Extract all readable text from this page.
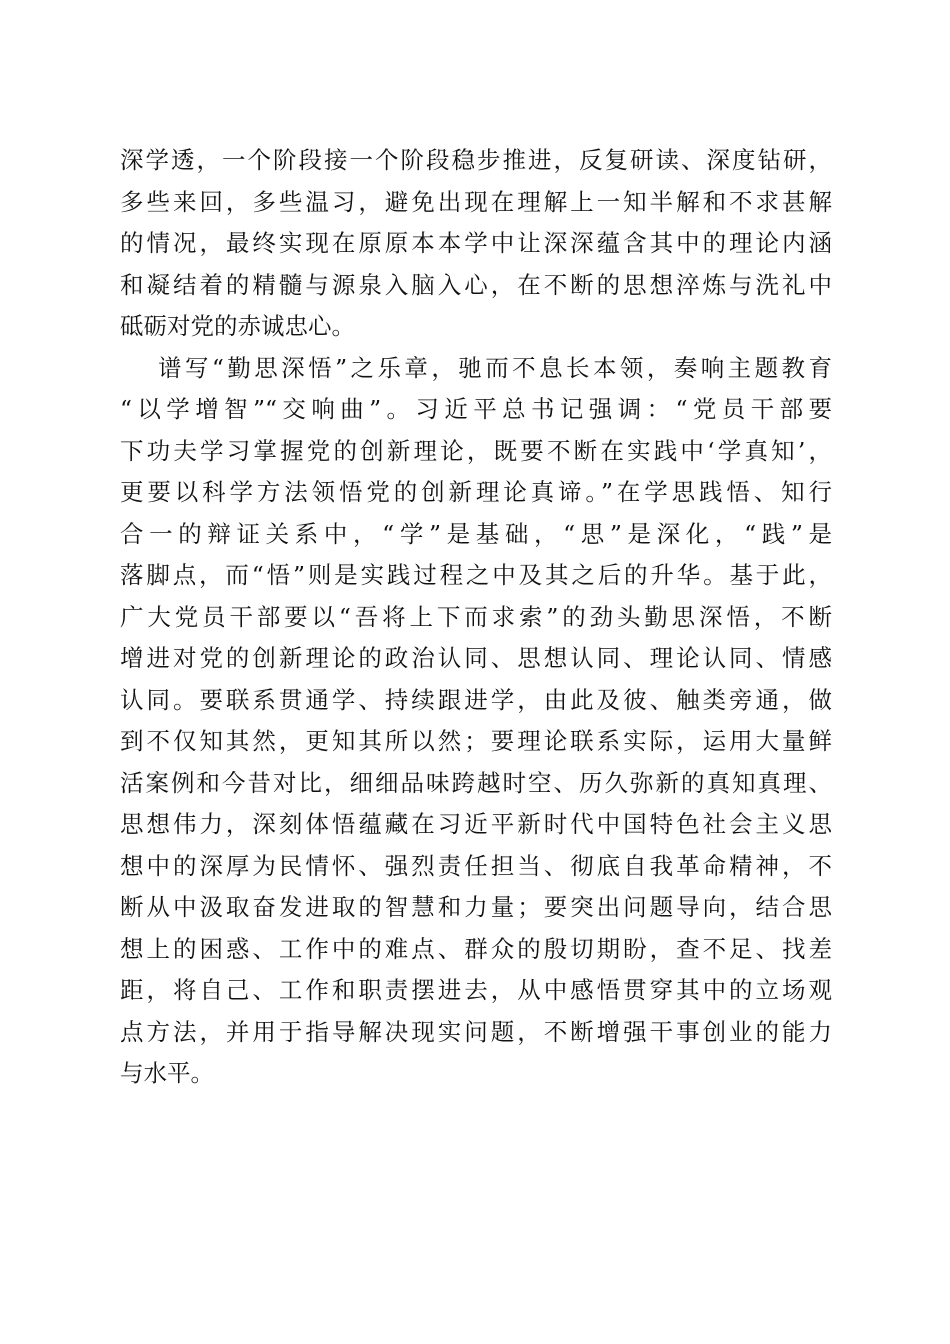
深学透，一个阶段接一个阶段稳步推进，反复研读、深度钻研，
多些来回，多些温习，避免出现在理解上一知半解和不求甚解
的情况，最终实现在原原本本学中让深深蕴含其中的理论内涵
和凝结着的精髓与源泉入脑入心，在不断的思想淬炼与洗礼中
砥砺对党的赤诚忠心。
谱写“勤思深悟”之乐章，驰而不息长本领，奏响主题教育
“以学增智”“交响曲”。习近平总书记强调：“党员干部要
下功夫学习掌握党的创新理论，既要不断在实践中‘学真知’，
更要以科学方法领悟党的创新理论真谛。”在学思践悟、知行
合一的辩证关系中，“学”是基础，“思”是深化，“践”是
落脚点，而“悟”则是实践过程之中及其之后的升华。基于此，
广大党员干部要以“吾将上下而求索”的劲头勤思深悟，不断
增进对党的创新理论的政治认同、思想认同、理论认同、情感
认同。要联系贯通学、持续跟进学，由此及彼、触类旁通，做
到不仅知其然，更知其所以然；要理论联系实际，运用大量鲜
活案例和今昔对比，细细品味跨越时空、历久弥新的真知真理、
思想伟力，深刻体悟蕴藏在习近平新时代中国特色社会主义思
想中的深厚为民情怀、强烈责任担当、彻底自我革命精神，不
断从中汲取奋发进取的智慧和力量；要突出问题导向，结合思
想上的困惑、工作中的难点、群众的殷切期盼，查不足、找差
距，将自己、工作和职责摆进去，从中感悟贯穿其中的立场观
点方法，并用于指导解决现实问题，不断增强干事创业的能力
与水平。
